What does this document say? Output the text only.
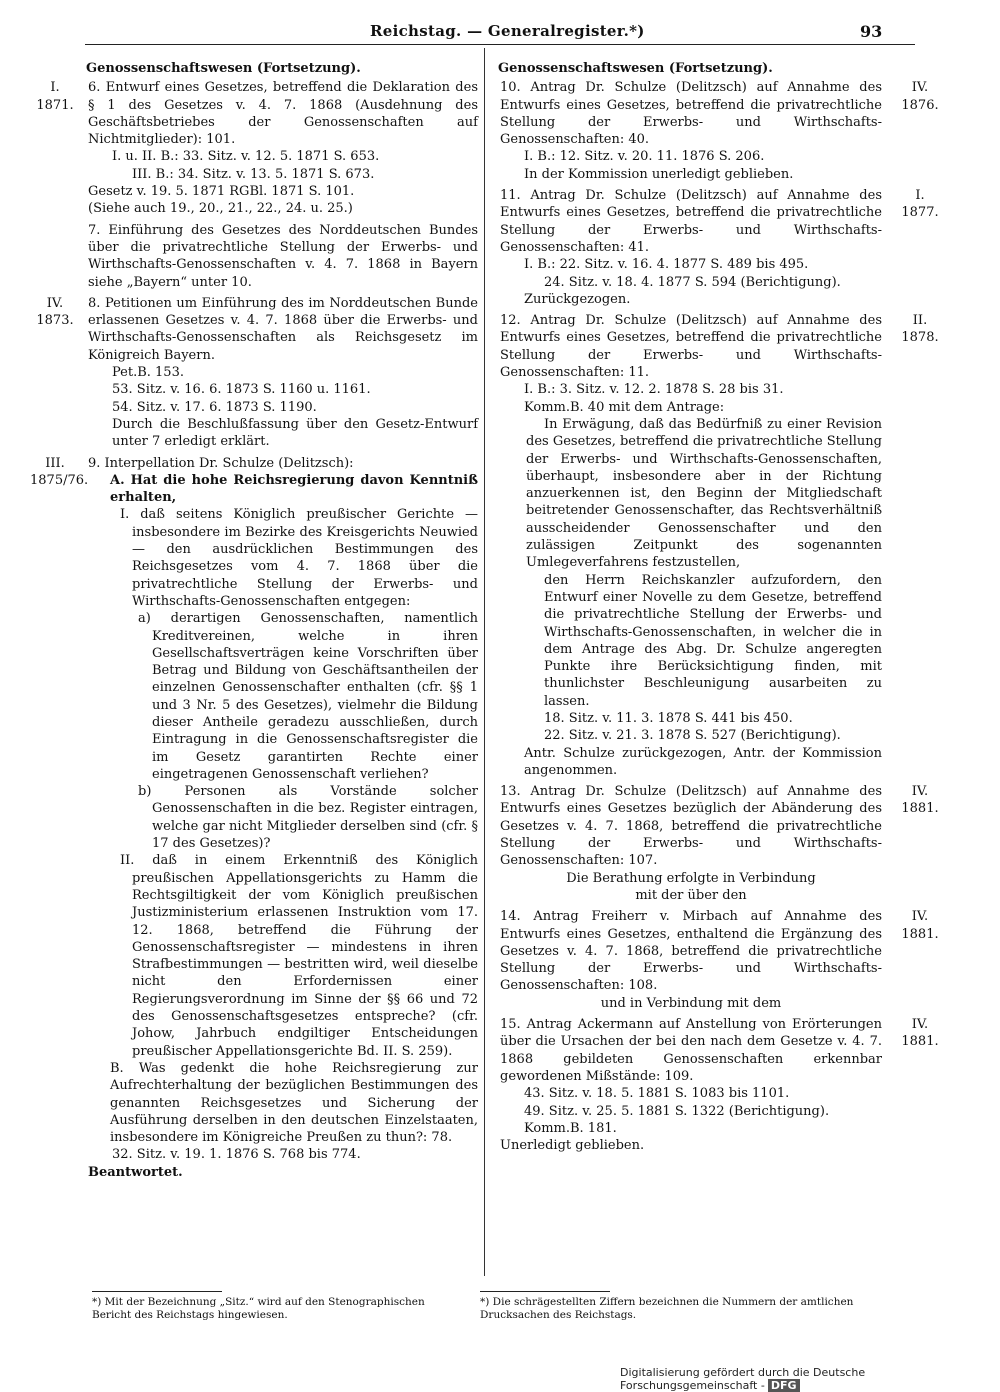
Reichstag. — Generalregister.*)	93
Genossenschaftswesen (Fortsetzung).
I.
1871.
6. Entwurf eines Gesetzes, betreffend die Deklaration des § 1 des Gesetzes v. 4. 7. 1868 (Ausdehnung des Geschäftsbetriebes der Genossenschaften auf Nichtmitglieder): 101.
I. u. II. B.: 33. Sitz. v. 12. 5. 1871 S. 653.
III. B.: 34. Sitz. v. 13. 5. 1871 S. 673.
Gesetz v. 19. 5. 1871 RGBl. 1871 S. 101.
(Siehe auch 19., 20., 21., 22., 24. u. 25.)
7. Einführung des Gesetzes des Norddeutschen Bundes über die privatrechtliche Stellung der Erwerbs- und Wirthschafts-Genossenschaften v. 4. 7. 1868 in Bayern siehe „Bayern“ unter 10.
IV.
1873.
8. Petitionen um Einführung des im Norddeutschen Bunde erlassenen Gesetzes v. 4. 7. 1868 über die Erwerbs- und Wirthschafts-Genossenschaften als Reichsgesetz im Königreich Bayern.
Pet.B. 153.
53. Sitz. v. 16. 6. 1873 S. 1160 u. 1161.
54. Sitz. v. 17. 6. 1873 S. 1190.
Durch die Beschlußfassung über den Gesetz-Entwurf unter 7 erledigt erklärt.
III.
1875/76.
9. Interpellation Dr. Schulze (Delitzsch):
A. Hat die hohe Reichsregierung davon Kenntniß erhalten,
I. daß seitens Königlich preußischer Gerichte — insbesondere im Bezirke des Kreisgerichts Neuwied — den ausdrücklichen Bestimmungen des Reichsgesetzes vom 4. 7. 1868 über die privatrechtliche Stellung der Erwerbs- und Wirthschafts-Genossenschaften entgegen:
a) derartigen Genossenschaften, namentlich Kreditvereinen, welche in ihren Gesellschaftsverträgen keine Vorschriften über Betrag und Bildung von Geschäftsantheilen der einzelnen Genossenschafter enthalten (cfr. §§ 1 und 3 Nr. 5 des Gesetzes), vielmehr die Bildung dieser Antheile geradezu ausschließen, durch Eintragung in die Genossenschaftsregister die im Gesetz garantirten Rechte einer eingetragenen Genossenschaft verliehen?
b) Personen als Vorstände solcher Genossenschaften in die bez. Register eintragen, welche gar nicht Mitglieder derselben sind (cfr. § 17 des Gesetzes)?
II. daß in einem Erkenntniß des Königlich preußischen Appellationsgerichts zu Hamm die Rechtsgiltigkeit der vom Königlich preußischen Justizministerium erlassenen Instruktion vom 17. 12. 1868, betreffend die Führung der Genossenschaftsregister — mindestens in ihren Strafbestimmungen — bestritten wird, weil dieselbe nicht den Erfordernissen einer Regierungsverordnung im Sinne der §§ 66 und 72 des Genossenschaftsgesetzes entspreche? (cfr. Johow, Jahrbuch endgiltiger Entscheidungen preußischer Appellationsgerichte Bd. II. S. 259).
B. Was gedenkt die hohe Reichsregierung zur Aufrechterhaltung der bezüglichen Bestimmungen des genannten Reichsgesetzes und Sicherung der Ausführung derselben in den deutschen Einzelstaaten, insbesondere im Königreiche Preußen zu thun?: 78.
32. Sitz. v. 19. 1. 1876 S. 768 bis 774.
Beantwortet.
Genossenschaftswesen (Fortsetzung).
IV.
1876.
10. Antrag Dr. Schulze (Delitzsch) auf Annahme des Entwurfs eines Gesetzes, betreffend die privatrechtliche Stellung der Erwerbs- und Wirthschafts-Genossenschaften: 40.
I. B.: 12. Sitz. v. 20. 11. 1876 S. 206.
In der Kommission unerledigt geblieben.
I.
1877.
11. Antrag Dr. Schulze (Delitzsch) auf Annahme des Entwurfs eines Gesetzes, betreffend die privatrechtliche Stellung der Erwerbs- und Wirthschafts-Genossenschaften: 41.
I. B.: 22. Sitz. v. 16. 4. 1877 S. 489 bis 495.
24. Sitz. v. 18. 4. 1877 S. 594 (Berichtigung).
Zurückgezogen.
II.
1878.
12. Antrag Dr. Schulze (Delitzsch) auf Annahme des Entwurfs eines Gesetzes, betreffend die privatrechtliche Stellung der Erwerbs- und Wirthschafts-Genossenschaften: 11.
I. B.: 3. Sitz. v. 12. 2. 1878 S. 28 bis 31.
Komm.B. 40 mit dem Antrage:
In Erwägung, daß das Bedürfniß zu einer Revision des Gesetzes, betreffend die privatrechtliche Stellung der Erwerbs- und Wirthschafts-Genossenschaften, überhaupt, insbesondere aber in der Richtung anzuerkennen ist, den Beginn der Mitgliedschaft beitretender Genossenschafter, das Rechtsverhältniß ausscheidender Genossenschafter und den zulässigen Zeitpunkt des sogenannten Umlegeverfahrens festzustellen,
den Herrn Reichskanzler aufzufordern, den Entwurf einer Novelle zu dem Gesetze, betreffend die privatrechtliche Stellung der Erwerbs- und Wirthschafts-Genossenschaften, in welcher die in dem Antrage des Abg. Dr. Schulze angeregten Punkte ihre Berücksichtigung finden, mit thunlichster Beschleunigung ausarbeiten zu lassen.
18. Sitz. v. 11. 3. 1878 S. 441 bis 450.
22. Sitz. v. 21. 3. 1878 S. 527 (Berichtigung).
Antr. Schulze zurückgezogen, Antr. der Kommission angenommen.
IV.
1881.
13. Antrag Dr. Schulze (Delitzsch) auf Annahme des Entwurfs eines Gesetzes bezüglich der Abänderung des Gesetzes v. 4. 7. 1868, betreffend die privatrechtliche Stellung der Erwerbs- und Wirthschafts-Genossenschaften: 107.
Die Berathung erfolgte in Verbindung
mit der über den
IV.
1881.
14. Antrag Freiherr v. Mirbach auf Annahme des Entwurfs eines Gesetzes, enthaltend die Ergänzung des Gesetzes v. 4. 7. 1868, betreffend die privatrechtliche Stellung der Erwerbs- und Wirthschafts-Genossenschaften: 108.
und in Verbindung mit dem
IV.
1881.
15. Antrag Ackermann auf Anstellung von Erörterungen über die Ursachen der bei den nach dem Gesetze v. 4. 7. 1868 gebildeten Genossenschaften erkennbar gewordenen Mißstände: 109.
43. Sitz. v. 18. 5. 1881 S. 1083 bis 1101.
49. Sitz. v. 25. 5. 1881 S. 1322 (Berichtigung).
Komm.B. 181.
Unerledigt geblieben.
*) Mit der Bezeichnung „Sitz.“ wird auf den Stenographischen Bericht des Reichstags hingewiesen.
*) Die schrägestellten Ziffern bezeichnen die Nummern der amtlichen Drucksachen des Reichstags.
Digitalisierung gefördert durch die Deutsche Forschungsgemeinschaft - DFG
